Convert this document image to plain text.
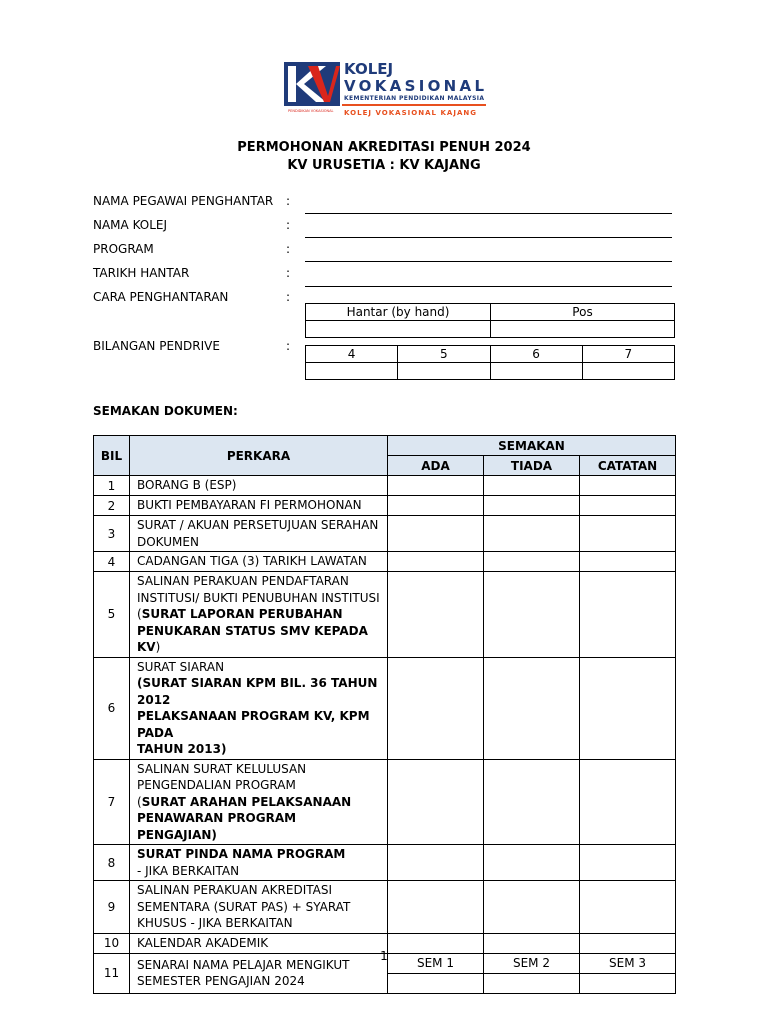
PENDIDIKAN VOKASIONAL
KOLEJ
VOKASIONAL
KEMENTERIAN PENDIDIKAN MALAYSIA
KOLEJ VOKASIONAL KAJANG
PERMOHONAN AKREDITASI PENUH 2024
KV URUSETIA : KV KAJANG
NAMA PEGAWAI PENGHANTAR :
NAMA KOLEJ	:
PROGRAM	:
TARIKH HANTAR	:
CARA PENGHANTARAN	:
Hantar (by hand)	Pos

BILANGAN PENDRIVE	:
4	5	6	7

SEMAKAN DOKUMEN:
BIL	PERKARA	SEMAKAN		
		ADA	TIADA	CATATAN
1	BORANG B (ESP)			
2	BUKTI PEMBAYARAN FI PERMOHONAN			
3	SURAT / AKUAN PERSETUJUAN SERAHAN
DOKUMEN			
4	CADANGAN TIGA (3) TARIKH LAWATAN			
5	SALINAN PERAKUAN PENDAFTARAN
INSTITUSI/ BUKTI PENUBUHAN INSTITUSI
(SURAT LAPORAN PERUBAHAN
PENUKARAN STATUS SMV KEPADA KV)			
6	SURAT SIARAN
(SURAT SIARAN KPM BIL. 36 TAHUN 2012
PELAKSANAAN PROGRAM KV, KPM PADA
TAHUN 2013)			
7	SALINAN SURAT KELULUSAN
PENGENDALIAN PROGRAM
(SURAT ARAHAN PELAKSANAAN
PENAWARAN PROGRAM PENGAJIAN)			
8	SURAT PINDA NAMA PROGRAM
- JIKA BERKAITAN			
9	SALINAN PERAKUAN AKREDITASI
SEMENTARA (SURAT PAS) + SYARAT
KHUSUS - JIKA BERKAITAN			
10	KALENDAR AKADEMIK			
11	SENARAI NAMA PELAJAR MENGIKUT
SEMESTER PENGAJIAN 2024	SEM 1	SEM 2	SEM 3

1
